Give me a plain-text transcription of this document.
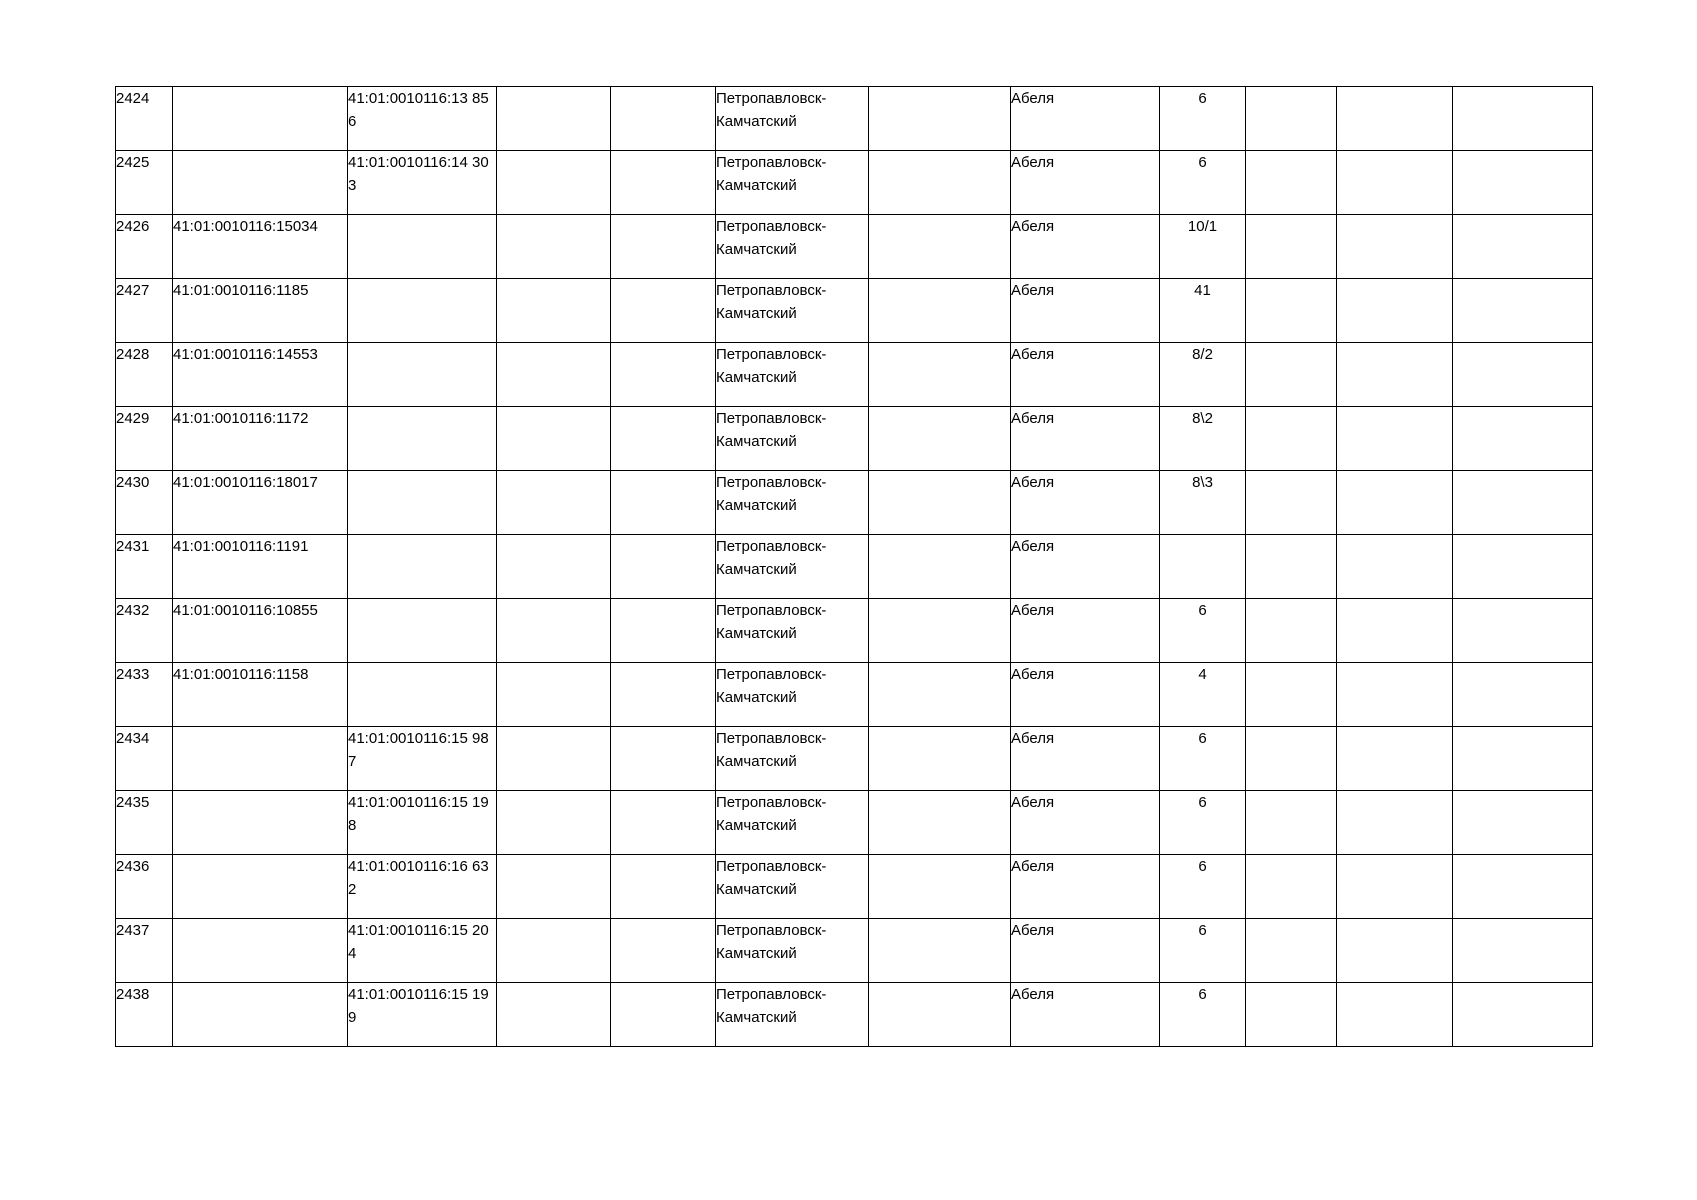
2424		41:01:0010116:13 856			Петропавловск-Камчатский		Абеля	6			
2425		41:01:0010116:14 303			Петропавловск-Камчатский		Абеля	6			
2426	41:01:0010116:15034				Петропавловск-Камчатский		Абеля	10/1			
2427	41:01:0010116:1185				Петропавловск-Камчатский		Абеля	41			
2428	41:01:0010116:14553				Петропавловск-Камчатский		Абеля	8/2			
2429	41:01:0010116:1172				Петропавловск-Камчатский		Абеля	8\2			
2430	41:01:0010116:18017				Петропавловск-Камчатский		Абеля	8\3			
2431	41:01:0010116:1191				Петропавловск-Камчатский		Абеля				
2432	41:01:0010116:10855				Петропавловск-Камчатский		Абеля	6			
2433	41:01:0010116:1158				Петропавловск-Камчатский		Абеля	4			
2434		41:01:0010116:15 987			Петропавловск-Камчатский		Абеля	6			
2435		41:01:0010116:15 198			Петропавловск-Камчатский		Абеля	6			
2436		41:01:0010116:16 632			Петропавловск-Камчатский		Абеля	6			
2437		41:01:0010116:15 204			Петропавловск-Камчатский		Абеля	6			
2438		41:01:0010116:15 199			Петропавловск-Камчатский		Абеля	6			
